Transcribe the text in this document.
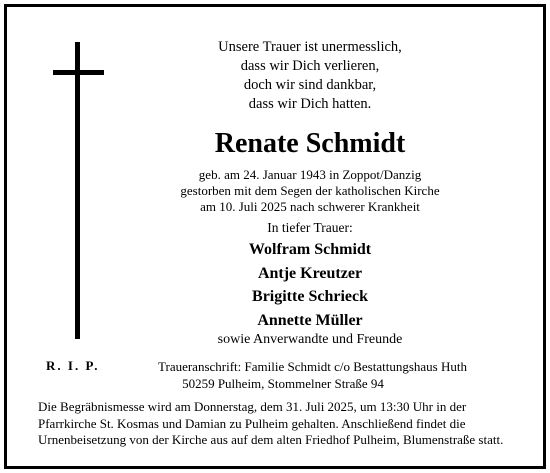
Unsere Trauer ist unermesslich,
dass wir Dich verlieren,
doch wir sind dankbar,
dass wir Dich hatten.
Renate Schmidt
geb. am 24. Januar 1943 in Zoppot/Danzig
gestorben mit dem Segen der katholischen Kirche
am 10. Juli 2025 nach schwerer Krankheit
In tiefer Trauer:
Wolfram Schmidt
Antje Kreutzer
Brigitte Schrieck
Annette Müller
sowie Anverwandte und Freunde
R. I. P.	Traueranschrift: Familie Schmidt c/o Bestattungshaus Huth
50259 Pulheim, Stommelner Straße 94
Die Begräbnismesse wird am Donnerstag, dem 31. Juli 2025, um 13:30 Uhr in der
Pfarrkirche St. Kosmas und Damian zu Pulheim gehalten. Anschließend findet die
Urnenbeisetzung von der Kirche aus auf dem alten Friedhof Pulheim, Blumenstraße statt.
